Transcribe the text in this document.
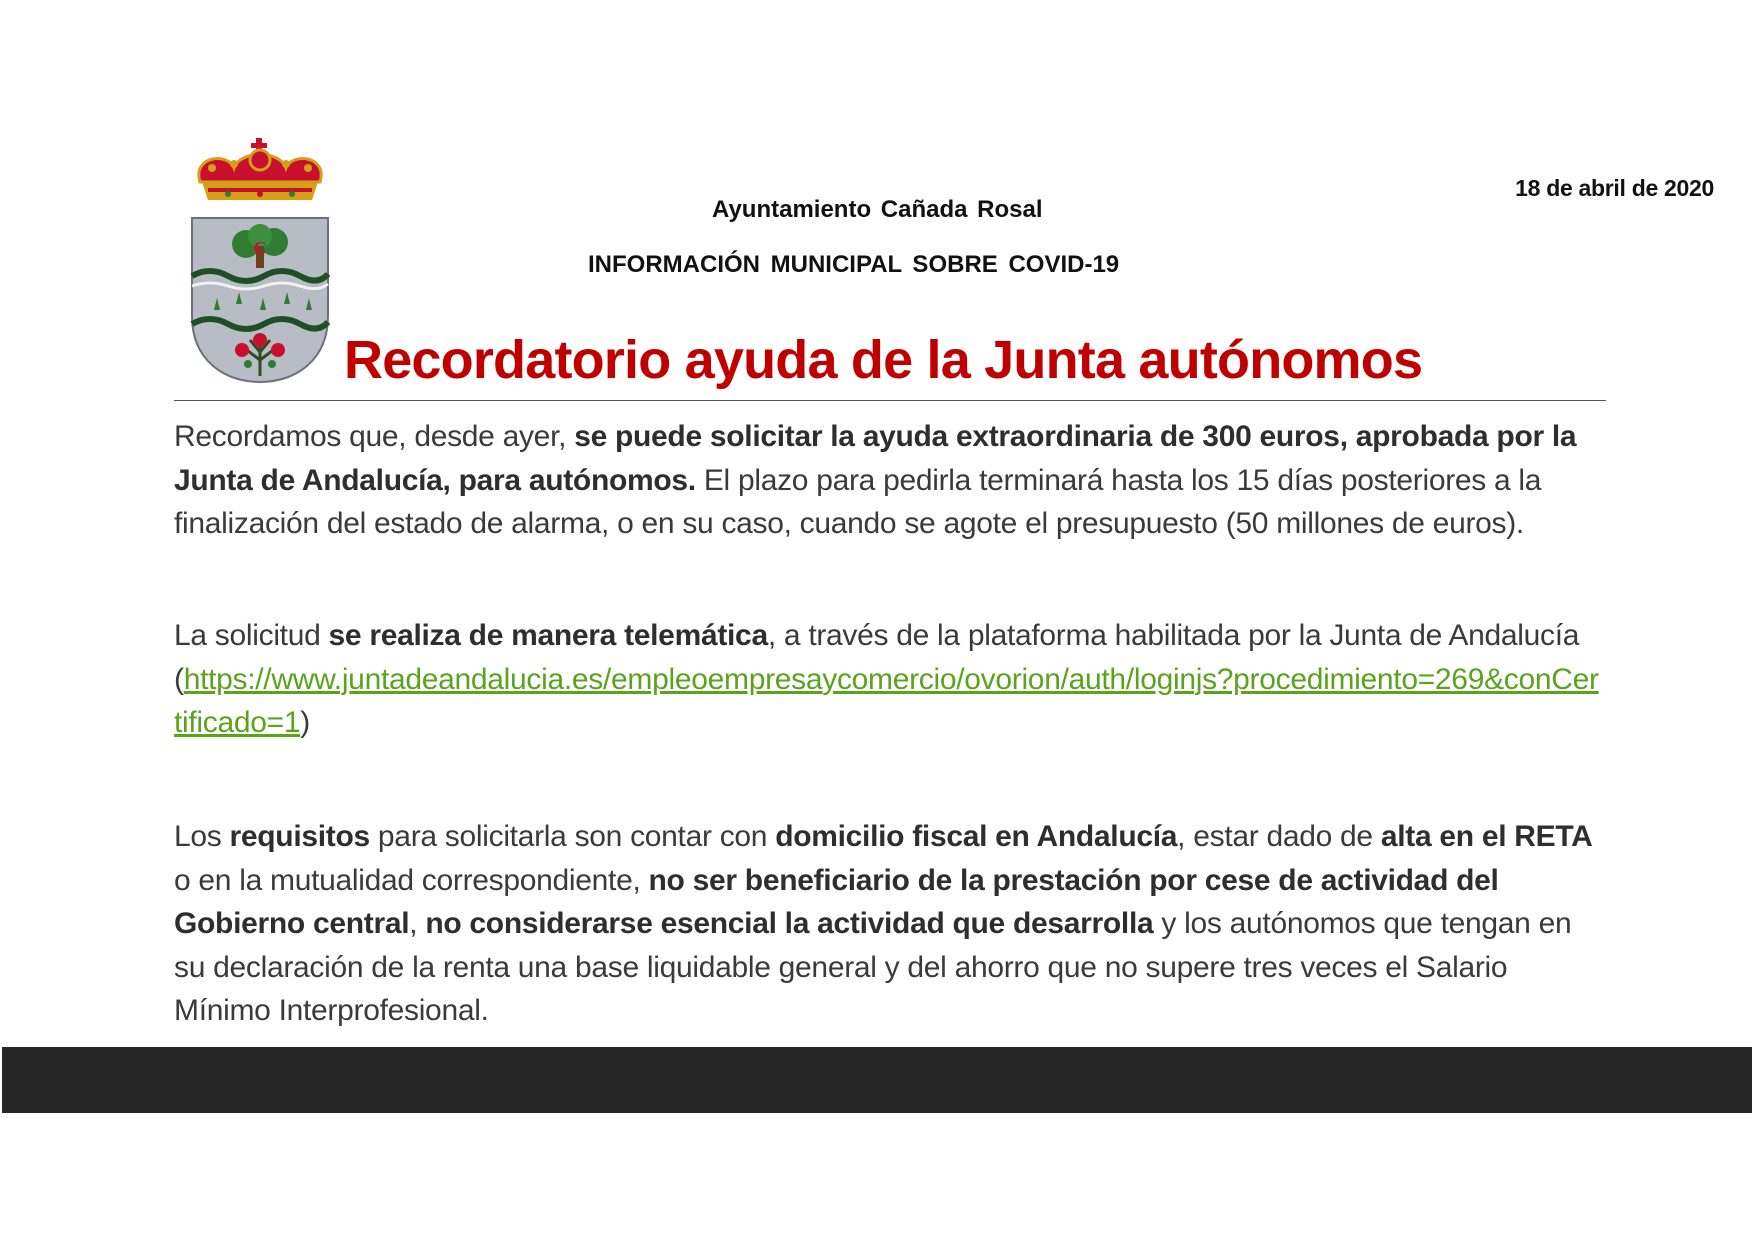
C
18 de abril de 2020
Ayuntamiento Cañada Rosal
INFORMACIÓN MUNICIPAL SOBRE COVID-19
Recordatorio ayuda de la Junta autónomos

Recordamos que, desde ayer, se puede solicitar la ayuda extraordinaria de 300 euros, aprobada por la Junta de Andalucía, para autónomos. El plazo para pedirla terminará hasta los 15 días posteriores a la finalización del estado de alarma, o en su caso, cuando se agote el presupuesto (50 millones de euros).

La solicitud se realiza de manera telemática, a través de la plataforma habilitada por la Junta de Andalucía (https://www.juntadeandalucia.es/empleoempresaycomercio/ovorion/auth/loginjs?procedimiento=269&conCertificado=1)

Los requisitos para solicitarla son contar con domicilio fiscal en Andalucía, estar dado de alta en el RETA o en la mutualidad correspondiente, no ser beneficiario de la prestación por cese de actividad del Gobierno central, no considerarse esencial la actividad que desarrolla y los autónomos que tengan en su declaración de la renta una base liquidable general y del ahorro que no supere tres veces el Salario Mínimo Interprofesional.
